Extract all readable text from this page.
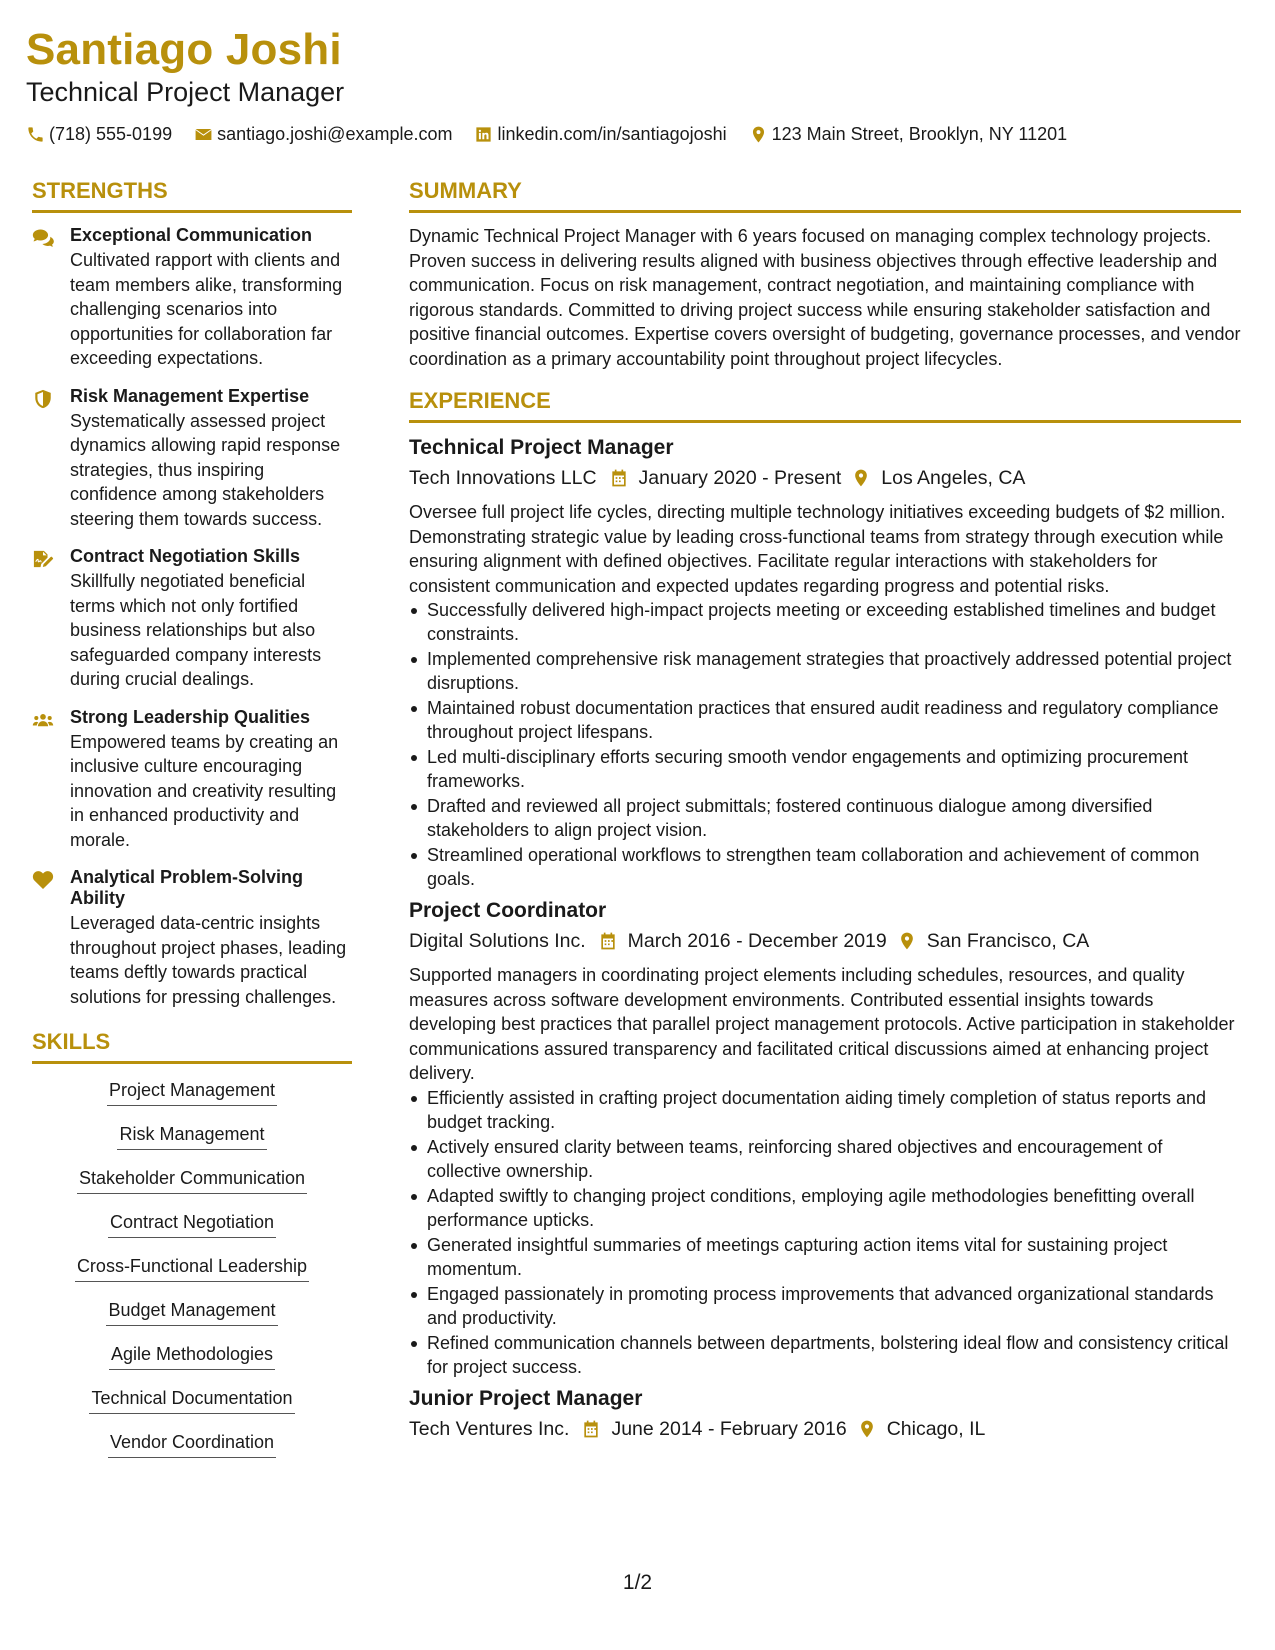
Santiago Joshi
Technical Project Manager
(718) 555-0199	santiago.joshi@example.com	linkedin.com/in/santiagojoshi	123 Main Street, Brooklyn, NY 11201
STRENGTHS
Exceptional Communication
Cultivated rapport with clients and team members alike, transforming challenging scenarios into opportunities for collaboration far exceeding expectations.
Risk Management Expertise
Systematically assessed project dynamics allowing rapid response strategies, thus inspiring confidence among stakeholders steering them towards success.
Contract Negotiation Skills
Skillfully negotiated beneficial terms which not only fortified business relationships but also safeguarded company interests during crucial dealings.
Strong Leadership Qualities
Empowered teams by creating an inclusive culture encouraging innovation and creativity resulting in enhanced productivity and morale.
Analytical Problem-Solving Ability
Leveraged data-centric insights throughout project phases, leading teams deftly towards practical solutions for pressing challenges.
SKILLS
Project Management
Risk Management
Stakeholder Communication
Contract Negotiation
Cross-Functional Leadership
Budget Management
Agile Methodologies
Technical Documentation
Vendor Coordination
SUMMARY
Dynamic Technical Project Manager with 6 years focused on managing complex technology projects. Proven success in delivering results aligned with business objectives through effective leadership and communication. Focus on risk management, contract negotiation, and maintaining compliance with rigorous standards. Committed to driving project success while ensuring stakeholder satisfaction and positive financial outcomes. Expertise covers oversight of budgeting, governance processes, and vendor coordination as a primary accountability point throughout project lifecycles.
EXPERIENCE
Technical Project Manager
Tech Innovations LLC January 2020 - Present Los Angeles, CA
Oversee full project life cycles, directing multiple technology initiatives exceeding budgets of $2 million. Demonstrating strategic value by leading cross-functional teams from strategy through execution while ensuring alignment with defined objectives. Facilitate regular interactions with stakeholders for consistent communication and expected updates regarding progress and potential risks.
Successfully delivered high-impact projects meeting or exceeding established timelines and budget constraints.
Implemented comprehensive risk management strategies that proactively addressed potential project disruptions.
Maintained robust documentation practices that ensured audit readiness and regulatory compliance throughout project lifespans.
Led multi-disciplinary efforts securing smooth vendor engagements and optimizing procurement frameworks.
Drafted and reviewed all project submittals; fostered continuous dialogue among diversified stakeholders to align project vision.
Streamlined operational workflows to strengthen team collaboration and achievement of common goals.
Project Coordinator
Digital Solutions Inc. March 2016 - December 2019 San Francisco, CA
Supported managers in coordinating project elements including schedules, resources, and quality measures across software development environments. Contributed essential insights towards developing best practices that parallel project management protocols. Active participation in stakeholder communications assured transparency and facilitated critical discussions aimed at enhancing project delivery.
Efficiently assisted in crafting project documentation aiding timely completion of status reports and budget tracking.
Actively ensured clarity between teams, reinforcing shared objectives and encouragement of collective ownership.
Adapted swiftly to changing project conditions, employing agile methodologies benefitting overall performance upticks.
Generated insightful summaries of meetings capturing action items vital for sustaining project momentum.
Engaged passionately in promoting process improvements that advanced organizational standards and productivity.
Refined communication channels between departments, bolstering ideal flow and consistency critical for project success.
Junior Project Manager
Tech Ventures Inc. June 2014 - February 2016 Chicago, IL
1/2
